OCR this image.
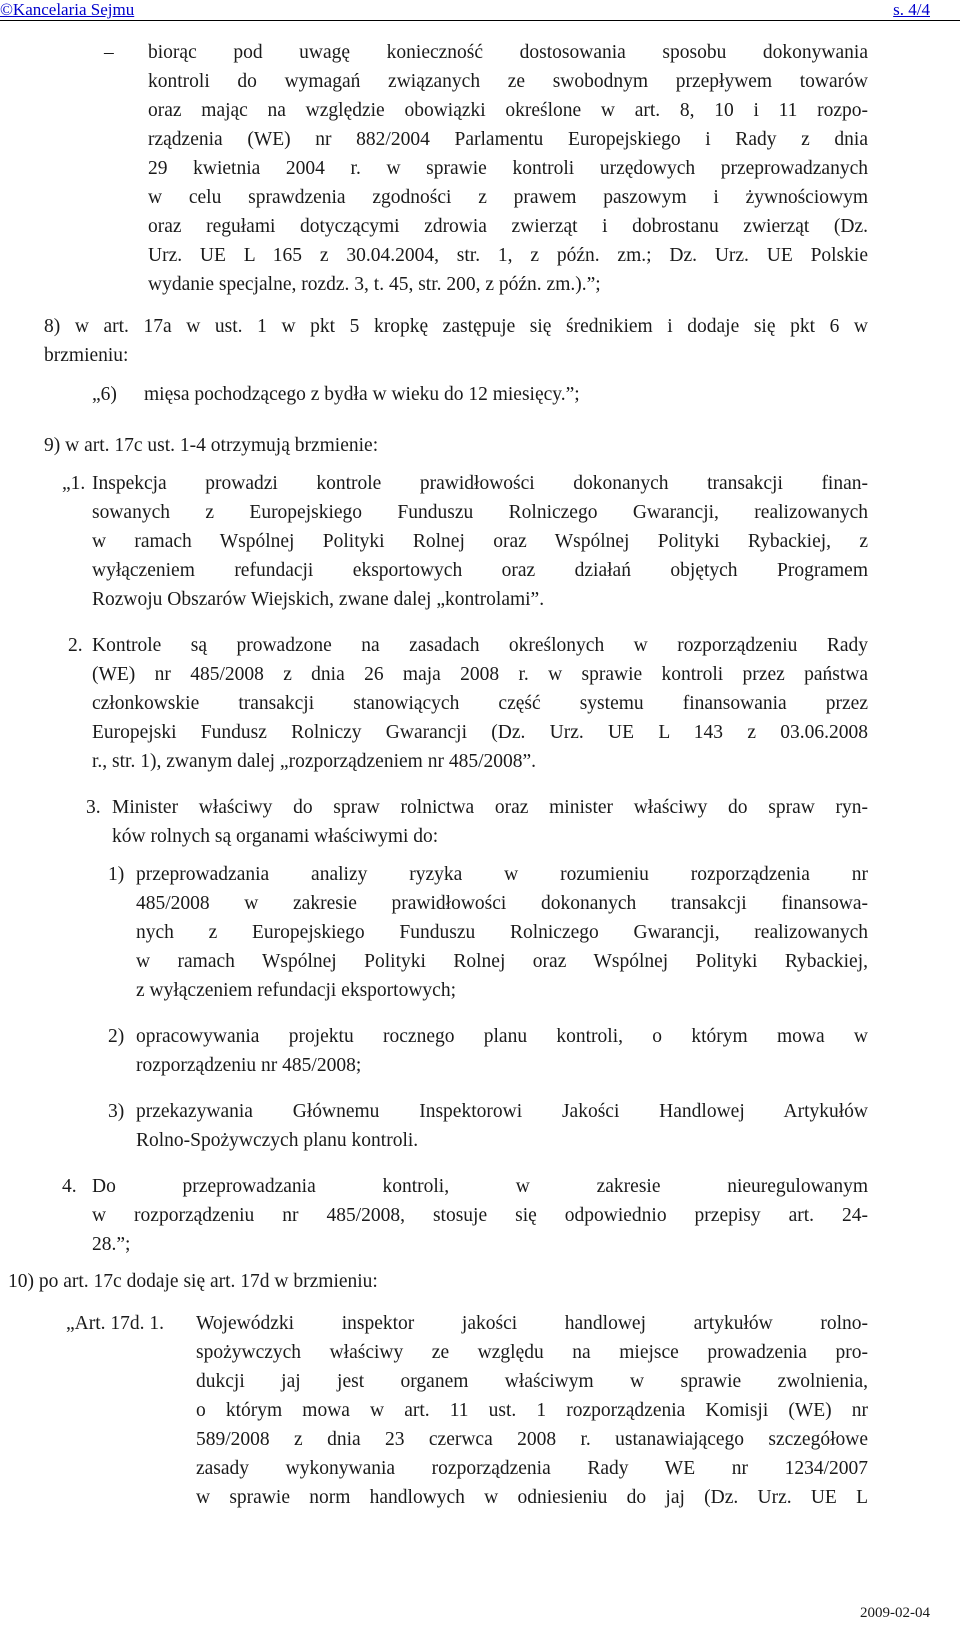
©Kancelaria Sejmu	s. 4/4
– biorąc pod uwagę konieczność dostosowania sposobu dokonywania
kontroli do wymagań związanych ze swobodnym przepływem towarów
oraz mając na względzie obowiązki określone w art. 8, 10 i 11 rozpo-
rządzenia (WE) nr 882/2004 Parlamentu Europejskiego i Rady z dnia
29 kwietnia 2004 r. w sprawie kontroli urzędowych przeprowadzanych
w celu sprawdzenia zgodności z prawem paszowym i żywnościowym
oraz regułami dotyczącymi zdrowia zwierząt i dobrostanu zwierząt (Dz.
Urz. UE L 165 z 30.04.2004, str. 1, z późn. zm.; Dz. Urz. UE Polskie
wydanie specjalne, rozdz. 3, t. 45, str. 200, z późn. zm.).”;
8) w art. 17a w ust. 1 w pkt 5 kropkę zastępuje się średnikiem i dodaje się pkt 6 w
brzmieniu:
„6) mięsa pochodzącego z bydła w wieku do 12 miesięcy.”;
9) w art. 17c ust. 1-4 otrzymują brzmienie:
„1. Inspekcja prowadzi kontrole prawidłowości dokonanych transakcji finan-
sowanych z Europejskiego Funduszu Rolniczego Gwarancji, realizowanych
w ramach Wspólnej Polityki Rolnej oraz Wspólnej Polityki Rybackiej, z
wyłączeniem refundacji eksportowych oraz działań objętych Programem
Rozwoju Obszarów Wiejskich, zwane dalej „kontrolami”.
2. Kontrole są prowadzone na zasadach określonych w rozporządzeniu Rady
(WE) nr 485/2008 z dnia 26 maja 2008 r. w sprawie kontroli przez państwa
członkowskie transakcji stanowiących część systemu finansowania przez
Europejski Fundusz Rolniczy Gwarancji (Dz. Urz. UE L 143 z 03.06.2008
r., str. 1), zwanym dalej „rozporządzeniem nr 485/2008”.
3. Minister właściwy do spraw rolnictwa oraz minister właściwy do spraw ryn-
ków rolnych są organami właściwymi do:
1) przeprowadzania analizy ryzyka w rozumieniu rozporządzenia nr
485/2008 w zakresie prawidłowości dokonanych transakcji finansowa-
nych z Europejskiego Funduszu Rolniczego Gwarancji, realizowanych
w ramach Wspólnej Polityki Rolnej oraz Wspólnej Polityki Rybackiej,
z wyłączeniem refundacji eksportowych;
2) opracowywania projektu rocznego planu kontroli, o którym mowa w
rozporządzeniu nr 485/2008;
3) przekazywania Głównemu Inspektorowi Jakości Handlowej Artykułów
Rolno-Spożywczych planu kontroli.
4. Do przeprowadzania kontroli, w zakresie nieuregulowanym
w rozporządzeniu nr 485/2008, stosuje się odpowiednio przepisy art. 24-
28.”;
10) po art. 17c dodaje się art. 17d w brzmieniu:
„Art. 17d. 1. Wojewódzki inspektor jakości handlowej artykułów rolno-
spożywczych właściwy ze względu na miejsce prowadzenia pro-
dukcji jaj jest organem właściwym w sprawie zwolnienia,
o którym mowa w art. 11 ust. 1 rozporządzenia Komisji (WE) nr
589/2008 z dnia 23 czerwca 2008 r. ustanawiającego szczegółowe
zasady wykonywania rozporządzenia Rady WE nr 1234/2007
w sprawie norm handlowych w odniesieniu do jaj (Dz. Urz. UE L
2009-02-04
